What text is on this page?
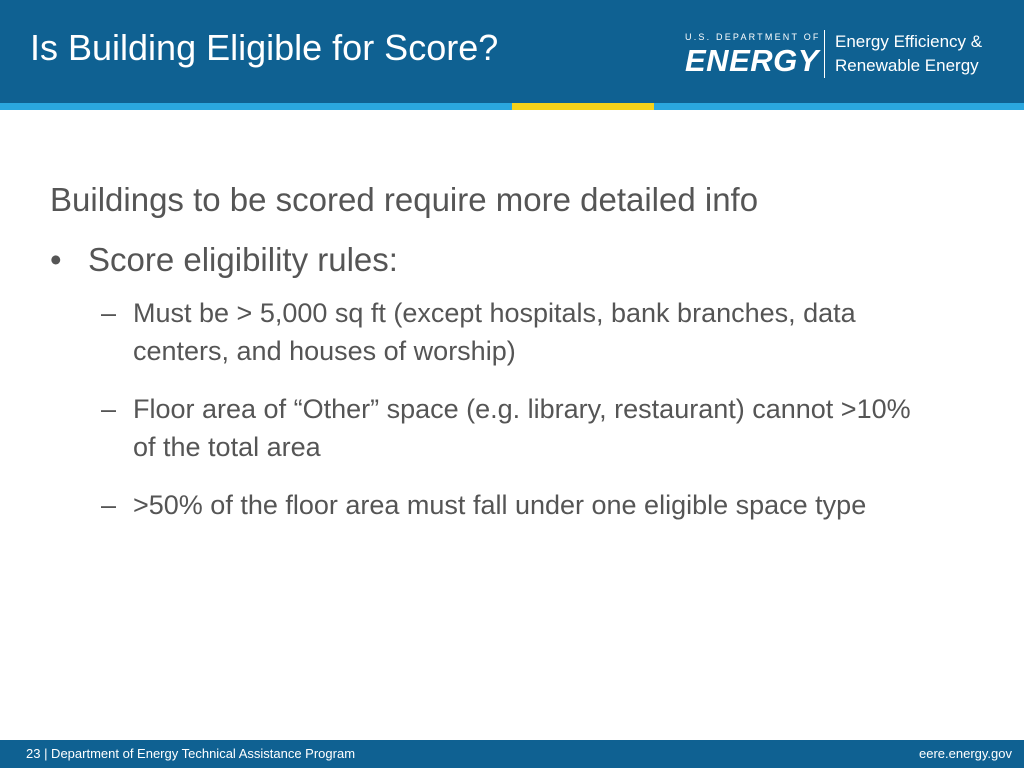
Is Building Eligible for Score?	U.S. DEPARTMENT OF
ENERGY
Energy Efficiency &
Renewable Energy

Buildings to be scored require more detailed info

• Score eligibility rules:
– Must be > 5,000 sq ft (except hospitals, bank branches, data centers, and houses of worship)
– Floor area of “Other” space (e.g. library, restaurant) cannot >10% of the total area
– >50% of the floor area must fall under one eligible space type
23 | Department of Energy Technical Assistance Program	eere.energy.gov
